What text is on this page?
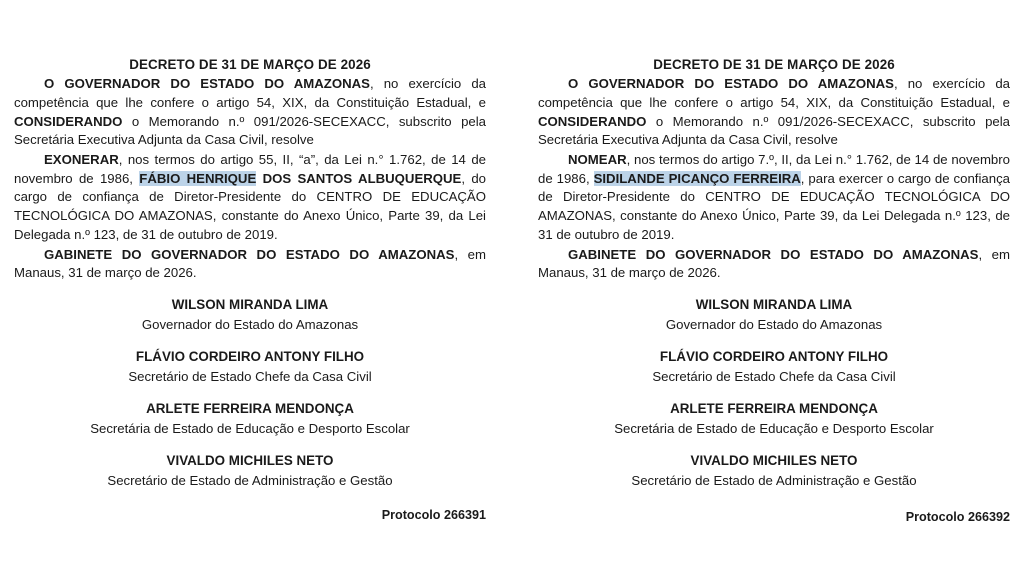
DECRETO DE 31 DE MARÇO DE 2026

O GOVERNADOR DO ESTADO DO AMAZONAS, no exercício da competência que lhe confere o artigo 54, XIX, da Constituição Estadual, e CONSIDERANDO o Memorando n.º 091/2026-SECEXACC, subscrito pela Secretária Executiva Adjunta da Casa Civil, resolve

EXONERAR, nos termos do artigo 55, II, “a”, da Lei n.° 1.762, de 14 de novembro de 1986, FÁBIO HENRIQUE DOS SANTOS ALBUQUERQUE, do cargo de confiança de Diretor-Presidente do CENTRO DE EDUCAÇÃO TECNOLÓGICA DO AMAZONAS, constante do Anexo Único, Parte 39, da Lei Delegada n.º 123, de 31 de outubro de 2019.

GABINETE DO GOVERNADOR DO ESTADO DO AMAZONAS, em Manaus, 31 de março de 2026.

WILSON MIRANDA LIMA
Governador do Estado do Amazonas
FLÁVIO CORDEIRO ANTONY FILHO
Secretário de Estado Chefe da Casa Civil
ARLETE FERREIRA MENDONÇA
Secretária de Estado de Educação e Desporto Escolar
VIVALDO MICHILES NETO
Secretário de Estado de Administração e Gestão
Protocolo 266391
DECRETO DE 31 DE MARÇO DE 2026

O GOVERNADOR DO ESTADO DO AMAZONAS, no exercício da competência que lhe confere o artigo 54, XIX, da Constituição Estadual, e CONSIDERANDO o Memorando n.º 091/2026-SECEXACC, subscrito pela Secretária Executiva Adjunta da Casa Civil, resolve

NOMEAR, nos termos do artigo 7.º, II, da Lei n.° 1.762, de 14 de novembro de 1986, SIDILANDE PICANÇO FERREIRA, para exercer o cargo de confiança de Diretor-Presidente do CENTRO DE EDUCAÇÃO TECNOLÓGICA DO AMAZONAS, constante do Anexo Único, Parte 39, da Lei Delegada n.º 123, de 31 de outubro de 2019.

GABINETE DO GOVERNADOR DO ESTADO DO AMAZONAS, em Manaus, 31 de março de 2026.

WILSON MIRANDA LIMA
Governador do Estado do Amazonas
FLÁVIO CORDEIRO ANTONY FILHO
Secretário de Estado Chefe da Casa Civil
ARLETE FERREIRA MENDONÇA
Secretária de Estado de Educação e Desporto Escolar
VIVALDO MICHILES NETO
Secretário de Estado de Administração e Gestão
Protocolo 266392
